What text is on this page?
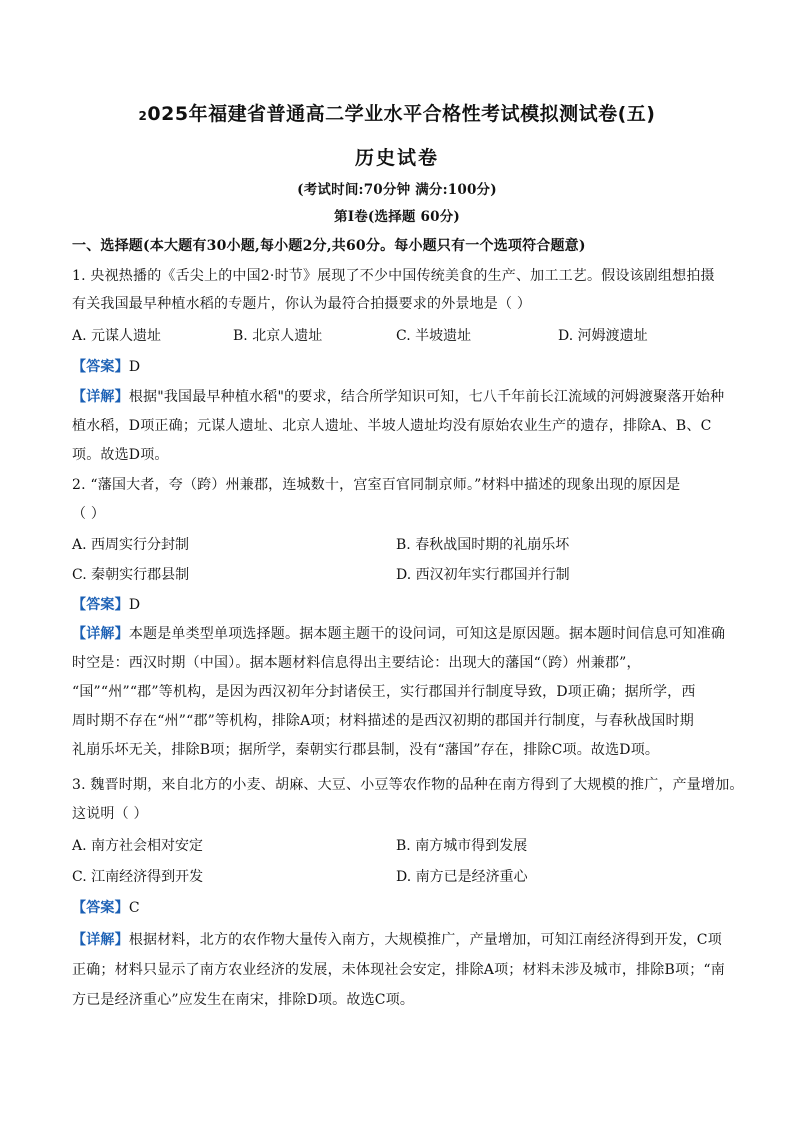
2025年福建省普通高二学业水平合格性考试模拟测试卷(五)
历史试卷
(考试时间:70分钟 满分:100分)
第Ⅰ卷(选择题 60分)
一、选择题(本大题有30小题,每小题2分,共60分。每小题只有一个选项符合题意)
1. 央视热播的《舌尖上的中国2·时节》展现了不少中国传统美食的生产、加工工艺。假设该剧组想拍摄
有关我国最早种植水稻的专题片，你认为最符合拍摄要求的外景地是（ ）
A. 元谋人遗址	B. 北京人遗址	C. 半坡遗址	D. 河姆渡遗址
【答案】D
【详解】根据"我国最早种植水稻"的要求，结合所学知识可知，七八千年前长江流域的河姆渡聚落开始种
植水稻，D项正确；元谋人遗址、北京人遗址、半坡人遗址均没有原始农业生产的遗存，排除A、B、C
项。故选D项。
2. “藩国大者，夸（跨）州兼郡，连城数十，宫室百官同制京师。”材料中描述的现象出现的原因是
（ ）
A. 西周实行分封制	B. 春秋战国时期的礼崩乐坏
C. 秦朝实行郡县制	D. 西汉初年实行郡国并行制
【答案】D
【详解】本题是单类型单项选择题。据本题主题干的设问词，可知这是原因题。据本题时间信息可知准确
时空是：西汉时期（中国）。据本题材料信息得出主要结论：出现大的藩国“（跨）州兼郡”，
“国”“州”“郡”等机构，是因为西汉初年分封诸侯王，实行郡国并行制度导致，D项正确；据所学，西
周时期不存在“州”“郡”等机构，排除A项；材料描述的是西汉初期的郡国并行制度，与春秋战国时期
礼崩乐坏无关，排除B项；据所学，秦朝实行郡县制，没有“藩国”存在，排除C项。故选D项。
3. 魏晋时期，来自北方的小麦、胡麻、大豆、小豆等农作物的品种在南方得到了大规模的推广，产量增加。
这说明（ ）
A. 南方社会相对安定	B. 南方城市得到发展
C. 江南经济得到开发	D. 南方已是经济重心
【答案】C
【详解】根据材料，北方的农作物大量传入南方，大规模推广，产量增加，可知江南经济得到开发，C项
正确；材料只显示了南方农业经济的发展，未体现社会安定，排除A项；材料未涉及城市，排除B项；“南
方已是经济重心”应发生在南宋，排除D项。故选C项。
